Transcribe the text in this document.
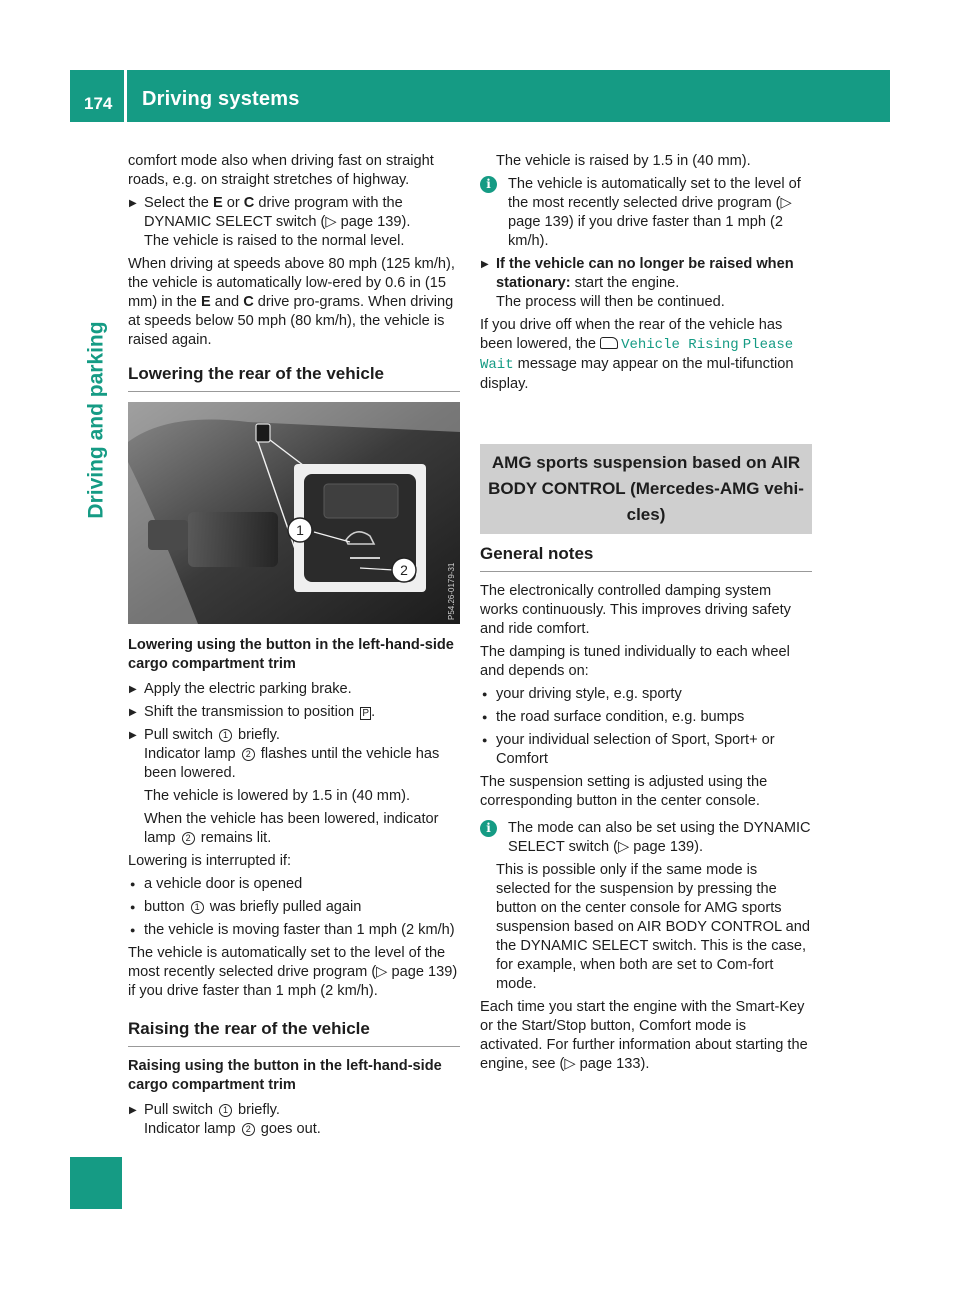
174 Driving systems
Driving and parking

comfort mode also when driving fast on straight roads, e.g. on straight stretches of highway.

▶ Select the E or C drive program with the DYNAMIC SELECT switch (▷ page 139).
The vehicle is raised to the normal level.

When driving at speeds above 80 mph (125 km/h), the vehicle is automatically low-ered by 0.6 in (15 mm) in the E and C drive pro-grams. When driving at speeds below 50 mph (80 km/h), the vehicle is raised again.

Lowering the rear of the vehicle
1
2	P54.26-0179-31
Lowering using the button in the left-hand-side cargo compartment trim
▶ Apply the electric parking brake.
▶ Shift the transmission to position P .
▶ Pull switch 1 briefly.
Indicator lamp 2 flashes until the vehicle has been lowered.
The vehicle is lowered by 1.5 in (40 mm).
When the vehicle has been lowered, indicator lamp 2 remains lit.

Lowering is interrupted if:

● a vehicle door is opened
● button 1 was briefly pulled again
● the vehicle is moving faster than 1 mph (2 km/h)

The vehicle is automatically set to the level of the most recently selected drive program (▷ page 139) if you drive faster than 1 mph (2 km/h).

Raising the rear of the vehicle
Raising using the button in the left-hand-side cargo compartment trim
▶ Pull switch 1 briefly.
Indicator lamp 2 goes out.
The vehicle is raised by 1.5 in (40 mm).
i	The vehicle is automatically set to the level of the most recently selected drive program (▷ page 139) if you drive faster than 1 mph (2 km/h).
▶ If the vehicle can no longer be raised when stationary: start the engine.
The process will then be continued.

If you drive off when the rear of the vehicle has been lowered, the Vehicle Rising Please Wait message may appear on the mul-tifunction display.

AMG sports suspension based on AIR BODY CONTROL (Mercedes-AMG vehi-cles)
General notes

The electronically controlled damping system works continuously. This improves driving safety and ride comfort.

The damping is tuned individually to each wheel and depends on:

● your driving style, e.g. sporty
● the road surface condition, e.g. bumps
● your individual selection of Sport, Sport+ or Comfort

The suspension setting is adjusted using the corresponding button in the center console.

i	The mode can also be set using the DYNAMIC SELECT switch (▷ page 139).
This is possible only if the same mode is selected for the suspension by pressing the button on the center console for AMG sports suspension based on AIR BODY CONTROL and the DYNAMIC SELECT switch. This is the case, for example, when both are set to Com-fort mode.

Each time you start the engine with the Smart-Key or the Start/Stop button, Comfort mode is activated. For further information about starting the engine, see (▷ page 133).
